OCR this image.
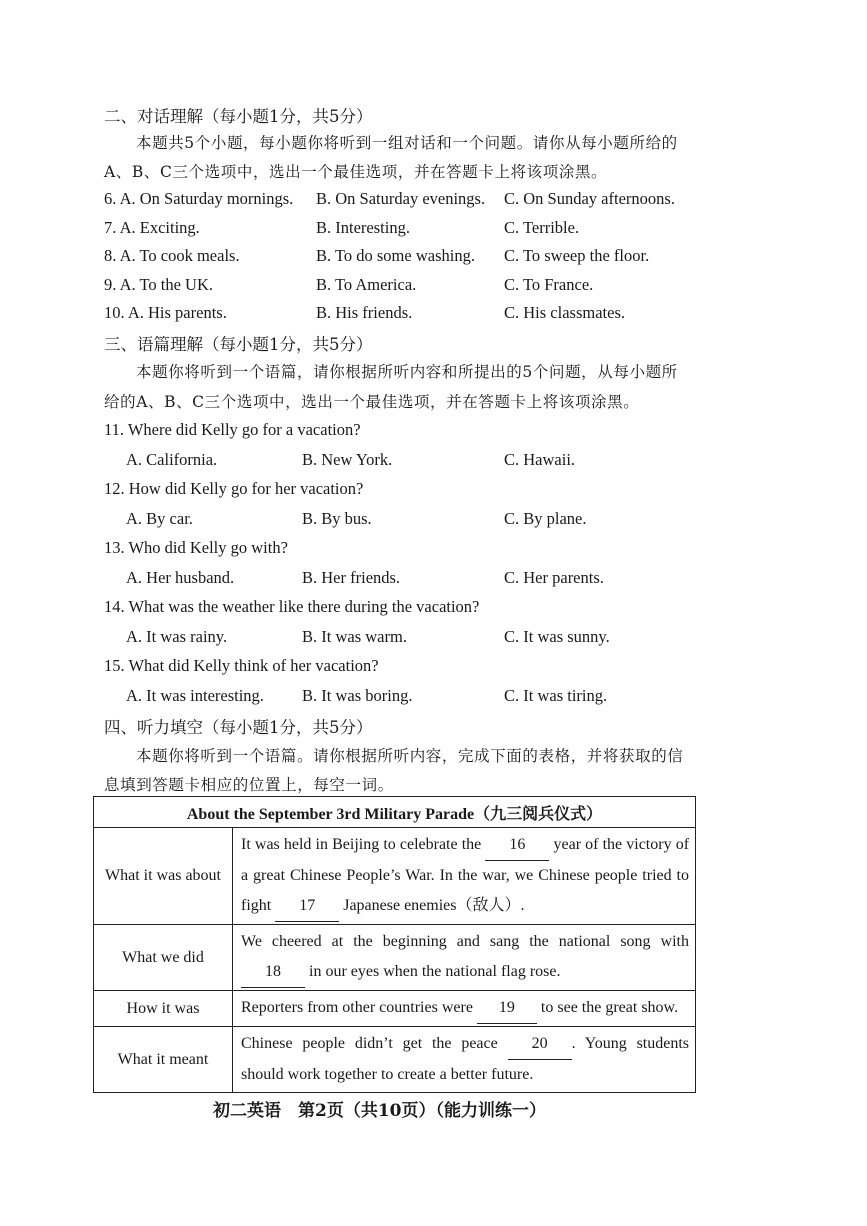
二、对话理解（每小题1分，共5分）
本题共5个小题，每小题你将听到一组对话和一个问题。请你从每小题所给的
A、B、C三个选项中，选出一个最佳选项，并在答题卡上将该项涂黑。
6. A. On Saturday mornings. B. On Saturday evenings. C. On Sunday afternoons.
7. A. Exciting.	B. Interesting.	C. Terrible.
8. A. To cook meals.	B. To do some washing. C. To sweep the floor.
9. A. To the UK.	B. To America.	C. To France.
10. A. His parents.	B. His friends.	C. His classmates.
三、语篇理解（每小题1分，共5分）
本题你将听到一个语篇，请你根据所听内容和所提出的5个问题，从每小题所
给的A、B、C三个选项中，选出一个最佳选项，并在答题卡上将该项涂黑。
11. Where did Kelly go for a vacation?
A. California.	B. New York.	C. Hawaii.
12. How did Kelly go for her vacation?
A. By car.	B. By bus.	C. By plane.
13. Who did Kelly go with?
A. Her husband.	B. Her friends.	C. Her parents.
14. What was the weather like there during the vacation?
A. It was rainy.	B. It was warm.	C. It was sunny.
15. What did Kelly think of her vacation?
A. It was interesting. B. It was boring.	C. It was tiring.
四、听力填空（每小题1分，共5分）
本题你将听到一个语篇。请你根据所听内容，完成下面的表格，并将获取的信
息填到答题卡相应的位置上，每空一词。
About the September 3rd Military Parade（九三阅兵仪式）	
What it was about	It was held in Beijing to celebrate the 16 year of the victory of a great Chinese People’s War. In the war, we Chinese people tried to fight 17 Japanese enemies（敌人）.
What we did	We cheered at the beginning and sang the national song with 18 in our eyes when the national flag rose.
How it was	Reporters from other countries were 19 to see the great show.
What it meant	Chinese people didn’t get the peace 20 . Young students should work together to create a better future.
初二英语　第2页（共10页）（能力训练一）
